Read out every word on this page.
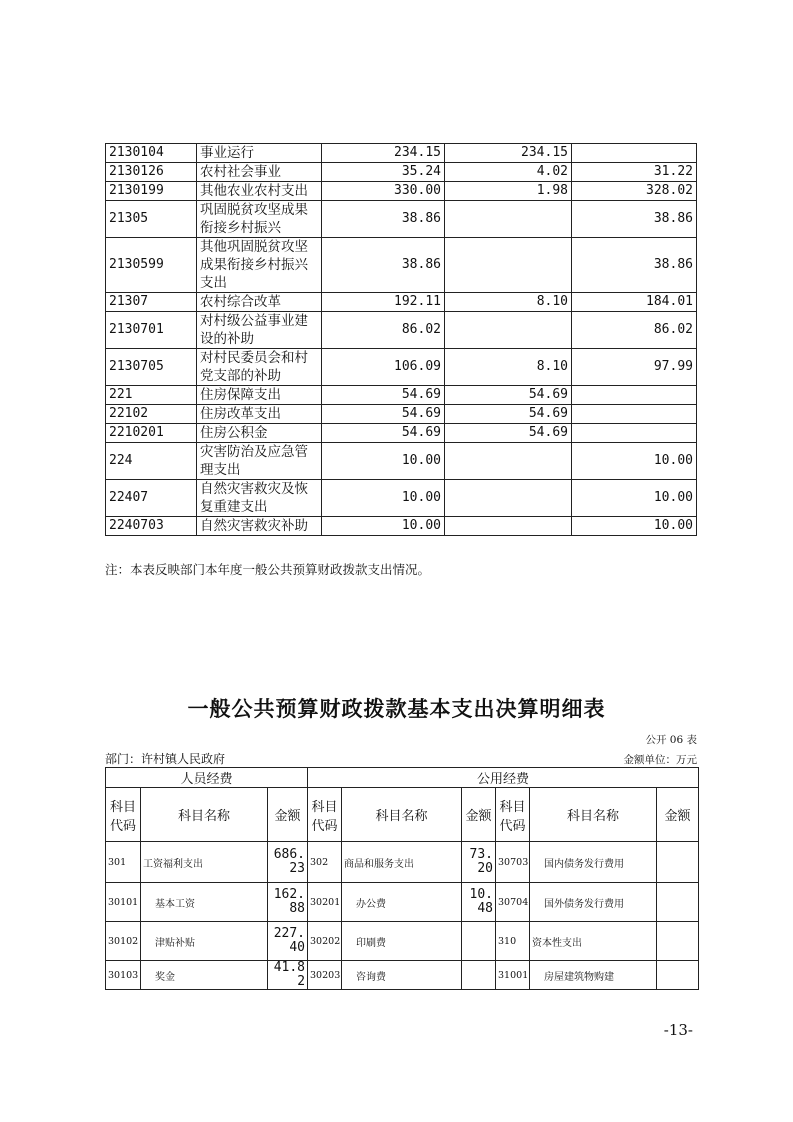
2130104	事业运行	234.15	234.15	
2130126	农村社会事业	35.24	4.02	31.22
2130199	其他农业农村支出	330.00	1.98	328.02
21305	巩固脱贫攻坚成果衔接乡村振兴	38.86		38.86
2130599	其他巩固脱贫攻坚成果衔接乡村振兴支出	38.86		38.86
21307	农村综合改革	192.11	8.10	184.01
2130701	对村级公益事业建设的补助	86.02		86.02
2130705	对村民委员会和村党支部的补助	106.09	8.10	97.99
221	住房保障支出	54.69	54.69	
22102	住房改革支出	54.69	54.69	
2210201	住房公积金	54.69	54.69	
224	灾害防治及应急管理支出	10.00		10.00
22407	自然灾害救灾及恢复重建支出	10.00		10.00
2240703	自然灾害救灾补助	10.00		10.00
注：本表反映部门本年度一般公共预算财政拨款支出情况。
一般公共预算财政拨款基本支出决算明细表
公开 06 表
部门：许村镇人民政府	金额单位：万元
人员经费			公用经费					
科目代码	科目名称	金额	科目代码	科目名称	金额	科目代码	科目名称	金额
301	工资福利支出	686.23	302	商品和服务支出	73.20	30703	国内债务发行费用	
30101	基本工资	162.88	30201	办公费	10.48	30704	国外债务发行费用	
30102	津贴补贴	227.40	30202	印刷费		310	资本性支出	
30103	奖金	41.82	30203	咨询费		31001	房屋建筑物购建	
-13-
